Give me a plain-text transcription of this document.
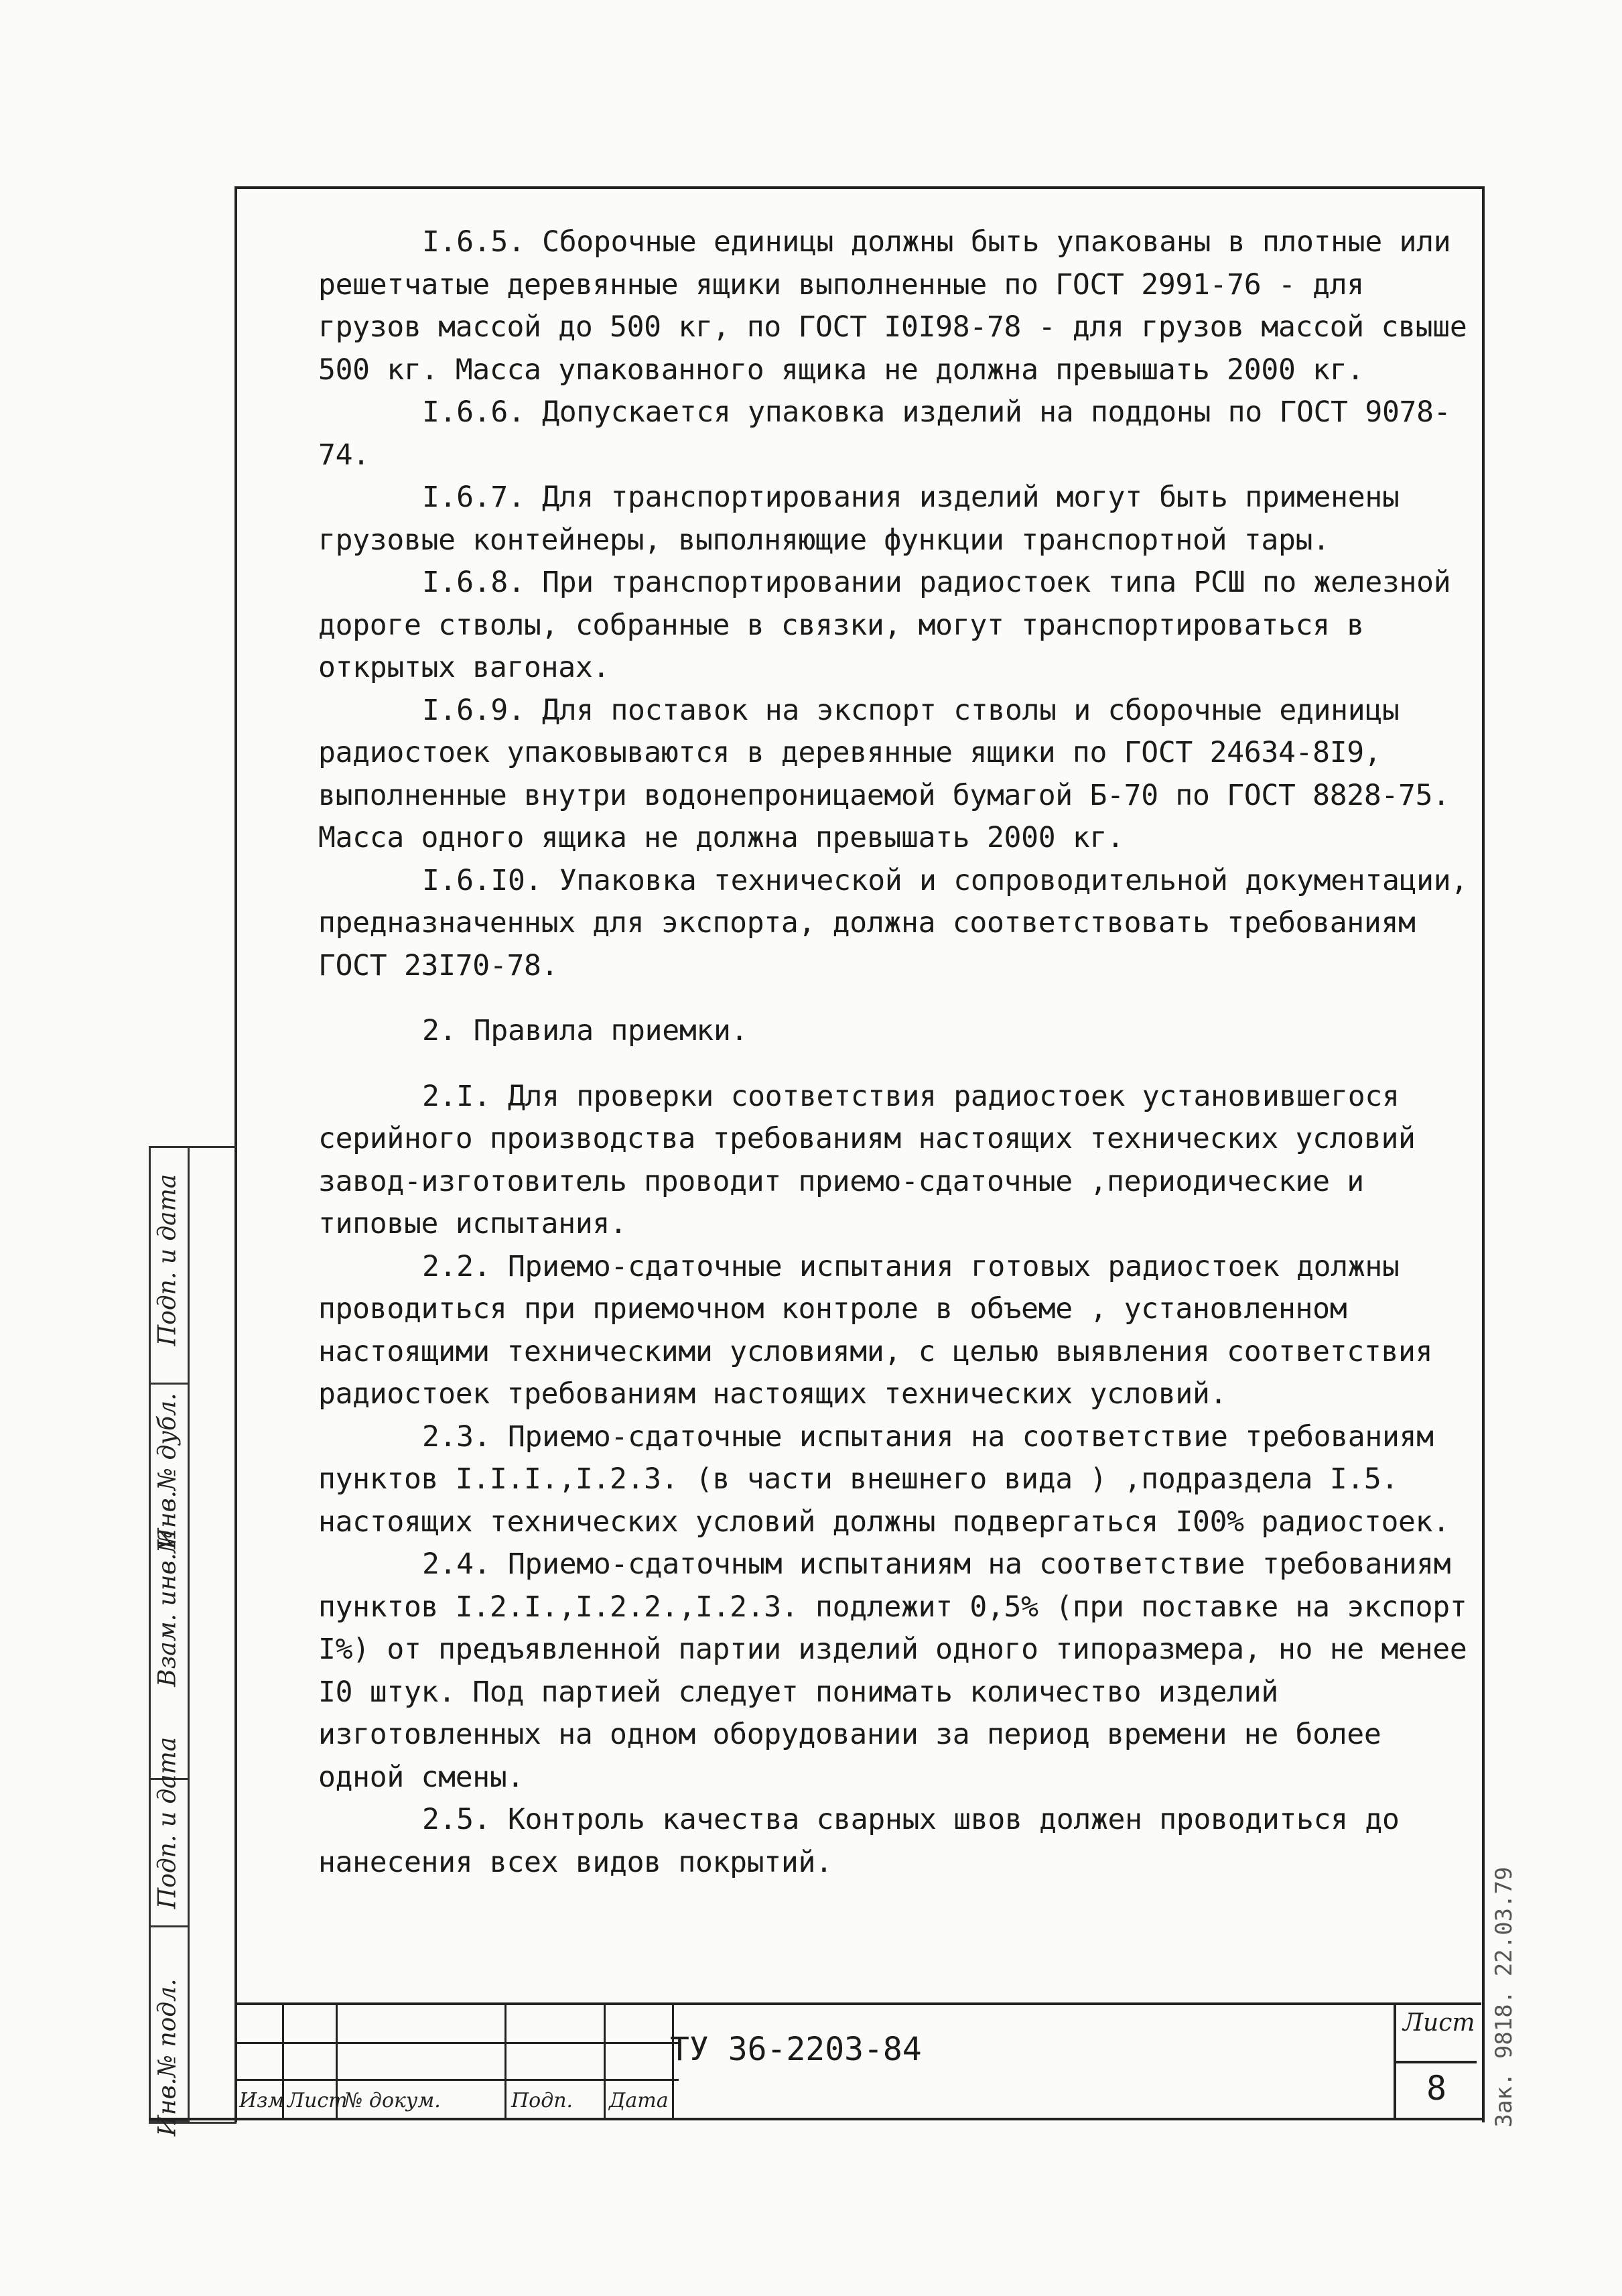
I.6.5. Сборочные единицы должны быть упакованы в плотные или решетчатые деревянные ящики выполненные по ГОСТ 2991-76 - для грузов массой до 500 кг, по ГОСТ I0I98-78 - для грузов массой свыше 500 кг. Масса упакованного ящика не должна превышать 2000 кг.

I.6.6. Допускается упаковка изделий на поддоны по ГОСТ 9078-74.

I.6.7. Для транспортирования изделий могут быть применены грузовые контейнеры, выполняющие функции транспортной тары.

I.6.8. При транспортировании радиостоек типа РСШ по железной дороге стволы, собранные в связки, могут транспортироваться в открытых вагонах.

I.6.9. Для поставок на экспорт стволы и сборочные единицы радиостоек упаковываются в деревянные ящики по ГОСТ 24634-8I9, выполненные внутри водонепроницаемой бумагой Б-70 по ГОСТ 8828-75. Масса одного ящика не должна превышать 2000 кг.

I.6.I0. Упаковка технической и сопроводительной документации, предназначенных для экспорта, должна соответствовать требованиям ГОСТ 23I70-78.

2. Правила приемки.

2.I. Для проверки соответствия радиостоек установившегося серийного производства требованиям настоящих технических условий завод-изготовитель проводит приемо-сдаточные ,периодические и типовые испытания.

2.2. Приемо-сдаточные испытания готовых радиостоек должны проводиться при приемочном контроле в объеме , установленном настоящими техническими условиями, с целью выявления соответствия радиостоек требованиям настоящих технических условий.

2.3. Приемо-сдаточные испытания на соответствие требованиям пунктов I.I.I.,I.2.3. (в части внешнего вида ) ,подраздела I.5. настоящих технических условий должны подвергаться I00% радиостоек.

2.4. Приемо-сдаточным испытаниям на соответствие требованиям пунктов I.2.I.,I.2.2.,I.2.3. подлежит 0,5% (при поставке на экспорт I%) от предъявленной партии изделий одного типоразмера, но не менее I0 штук. Под партией следует понимать количество изделий изготовленных на одном оборудовании за период времени не более одной смены.

2.5. Контроль качества сварных швов должен проводиться до нанесения всех видов покрытий.

Инв.№ подл.
Подп. и дата
Взам. инв.№
Инв.№ дубл.
Подп. и дата
Изм Лист
№ докум.	Подп. Дата
ТУ 36-2203-84
Лист
8	Зак. 9818. 22.03.79
